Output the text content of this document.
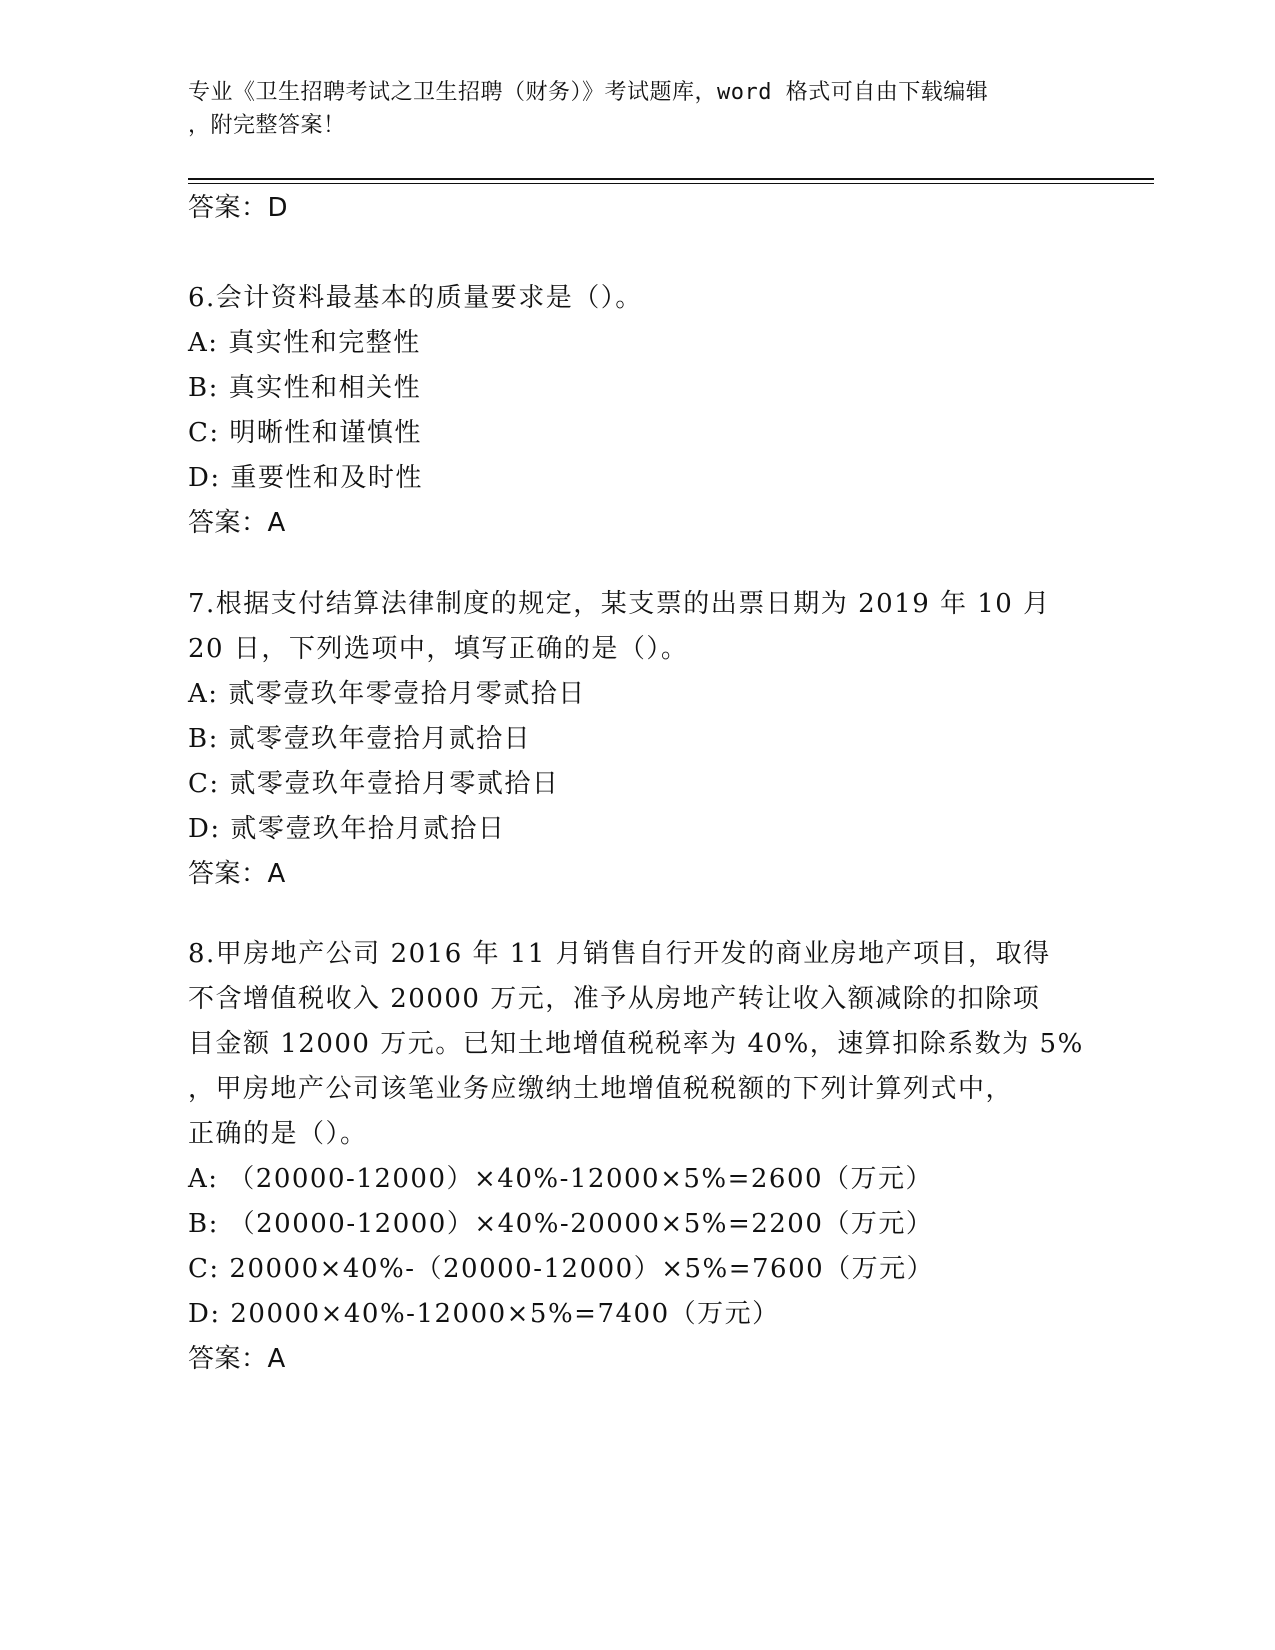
专业《卫生招聘考试之卫生招聘（财务）》考试题库，word 格式可自由下载编辑
，附完整答案！
答案：D
6.会计资料最基本的质量要求是（）。
A: 真实性和完整性
B: 真实性和相关性
C: 明晰性和谨慎性
D: 重要性和及时性
答案：A
7.根据支付结算法律制度的规定，某支票的出票日期为 2019 年 10 月
20 日，下列选项中，填写正确的是（）。
A: 贰零壹玖年零壹拾月零贰拾日
B: 贰零壹玖年壹拾月贰拾日
C: 贰零壹玖年壹拾月零贰拾日
D: 贰零壹玖年拾月贰拾日
答案：A
8.甲房地产公司 2016 年 11 月销售自行开发的商业房地产项目，取得
不含增值税收入 20000 万元，准予从房地产转让收入额减除的扣除项
目金额 12000 万元。已知土地增值税税率为 40%，速算扣除系数为 5%
，甲房地产公司该笔业务应缴纳土地增值税税额的下列计算列式中，
正确的是（）。
A: （20000-12000）×40%-12000×5%=2600（万元）
B: （20000-12000）×40%-20000×5%=2200（万元）
C: 20000×40%-（20000-12000）×5%=7600（万元）
D: 20000×40%-12000×5%=7400（万元）
答案：A
